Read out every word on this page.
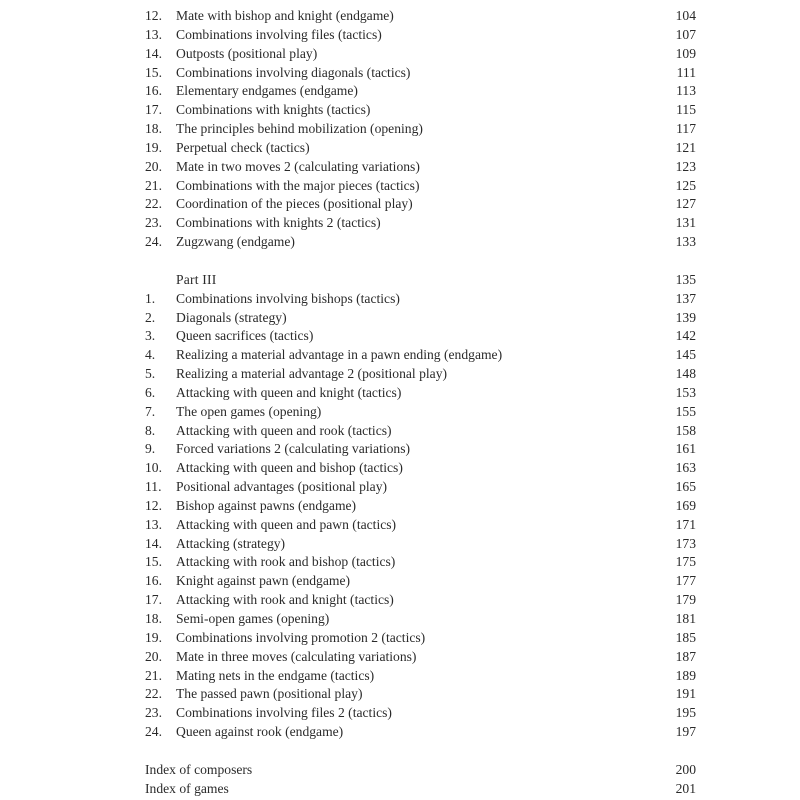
12.	Mate with bishop and knight (endgame)	104
13.	Combinations involving files (tactics)	107
14.	Outposts (positional play)	109
15.	Combinations involving diagonals (tactics)	111
16.	Elementary endgames (endgame)	113
17.	Combinations with knights (tactics)	115
18.	The principles behind mobilization (opening)	117
19.	Perpetual check (tactics)	121
20.	Mate in two moves 2 (calculating variations)	123
21.	Combinations with the major pieces (tactics)	125
22.	Coordination of the pieces (positional play)	127
23.	Combinations with knights 2 (tactics)	131
24.	Zugzwang (endgame)	133
Part III	135
1.	Combinations involving bishops (tactics)	137
2.	Diagonals (strategy)	139
3.	Queen sacrifices (tactics)	142
4.	Realizing a material advantage in a pawn ending (endgame)	145
5.	Realizing a material advantage 2 (positional play)	148
6.	Attacking with queen and knight (tactics)	153
7.	The open games (opening)	155
8.	Attacking with queen and rook (tactics)	158
9.	Forced variations 2 (calculating variations)	161
10.	Attacking with queen and bishop (tactics)	163
11.	Positional advantages (positional play)	165
12.	Bishop against pawns (endgame)	169
13.	Attacking with queen and pawn (tactics)	171
14.	Attacking (strategy)	173
15.	Attacking with rook and bishop (tactics)	175
16.	Knight against pawn (endgame)	177
17.	Attacking with rook and knight (tactics)	179
18.	Semi-open games (opening)	181
19.	Combinations involving promotion 2 (tactics)	185
20.	Mate in three moves (calculating variations)	187
21.	Mating nets in the endgame (tactics)	189
22.	The passed pawn (positional play)	191
23.	Combinations involving files 2 (tactics)	195
24.	Queen against rook (endgame)	197
Index of composers	200
Index of games	201
